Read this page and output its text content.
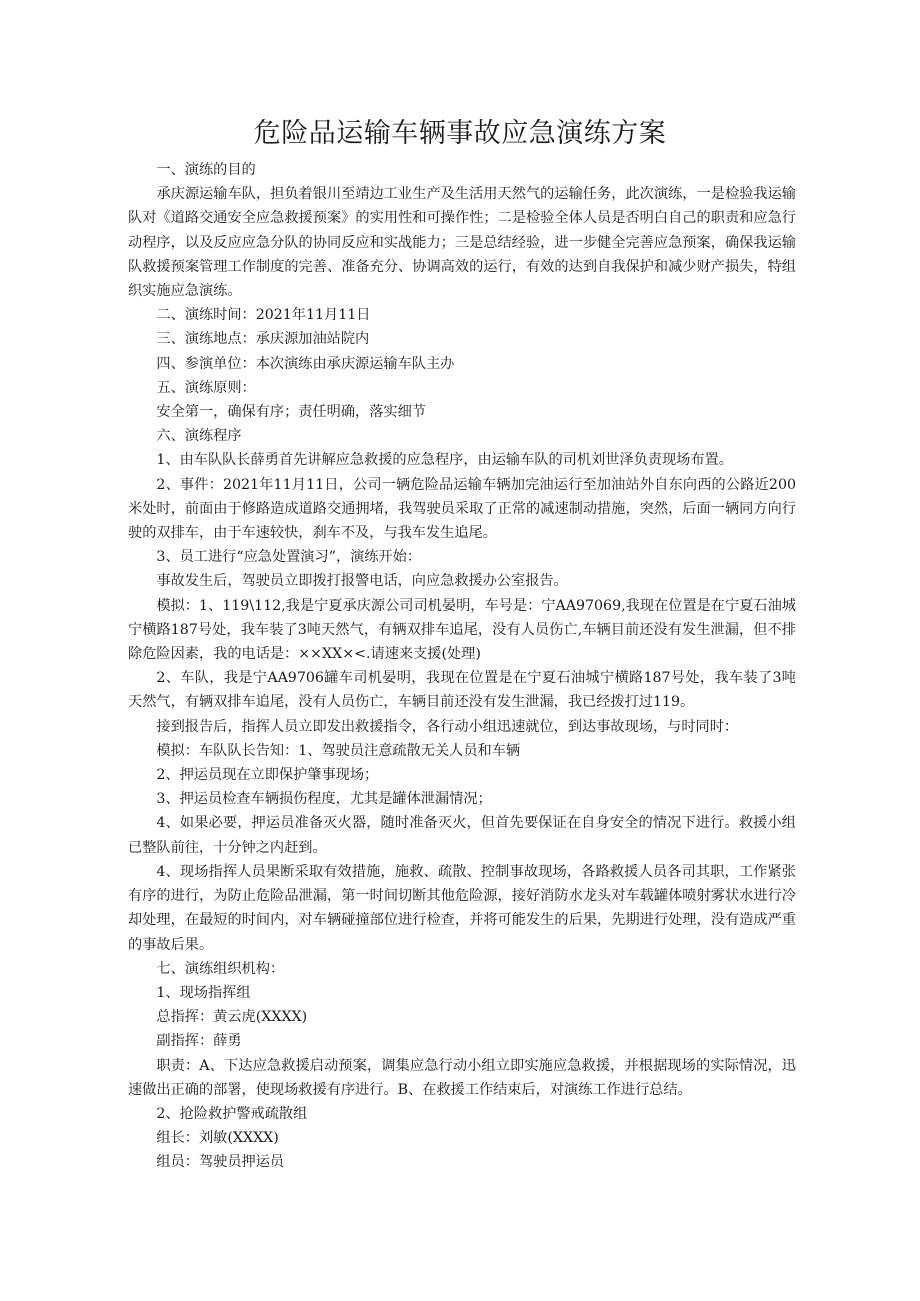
危险品运输车辆事故应急演练方案

一、演练的目的

承庆源运输车队，担负着银川至靖边工业生产及生活用天然气的运输任务，此次演练，一是检验我运输队对《道路交通安全应急救援预案》的实用性和可操作性；二是检验全体人员是否明白自己的职责和应急行动程序，以及反应应急分队的协同反应和实战能力；三是总结经验，进一步健全完善应急预案，确保我运输队救援预案管理工作制度的完善、准备充分、协调高效的运行，有效的达到自我保护和减少财产损失，特组织实施应急演练。

二、演练时间：2021年11月11日

三、演练地点：承庆源加油站院内

四、参演单位：本次演练由承庆源运输车队主办

五、演练原则：

安全第一，确保有序；责任明确，落实细节

六、演练程序

1、由车队队长薛勇首先讲解应急救援的应急程序，由运输车队的司机刘世泽负责现场布置。

2、事件：2021年11月11日，公司一辆危险品运输车辆加完油运行至加油站外自东向西的公路近200米处时，前面由于修路造成道路交通拥堵，我驾驶员采取了正常的减速制动措施，突然，后面一辆同方向行驶的双排车，由于车速较快，刹车不及，与我车发生追尾。

3、员工进行“应急处置演习”，演练开始：

事故发生后，驾驶员立即拨打报警电话，向应急救援办公室报告。

模拟：1、119\112,我是宁夏承庆源公司司机晏明，车号是：宁AA97069,我现在位置是在宁夏石油城宁横路187号处，我车装了3吨天然气，有辆双排车追尾，没有人员伤亡,车辆目前还没有发生泄漏，但不排除危险因素，我的电话是：××XX×<.请速来支援(处理)

2、车队，我是宁AA9706罐车司机晏明，我现在位置是在宁夏石油城宁横路187号处，我车装了3吨天然气，有辆双排车追尾，没有人员伤亡，车辆目前还没有发生泄漏，我已经拨打过119。

接到报告后，指挥人员立即发出救援指令，各行动小组迅速就位，到达事故现场，与时同时：

模拟：车队队长告知：1、驾驶员注意疏散无关人员和车辆

2、押运员现在立即保护肇事现场；

3、押运员检查车辆损伤程度，尤其是罐体泄漏情况；

4、如果必要，押运员准备灭火器，随时准备灭火，但首先要保证在自身安全的情况下进行。救援小组已整队前往，十分钟之内赶到。

4、现场指挥人员果断采取有效措施，施救、疏散、控制事故现场，各路救援人员各司其职，工作紧张有序的进行，为防止危险品泄漏，第一时间切断其他危险源，接好消防水龙头对车载罐体喷射雾状水进行冷却处理，在最短的时间内，对车辆碰撞部位进行检查，并将可能发生的后果，先期进行处理，没有造成严重的事故后果。

七、演练组织机构：

1、现场指挥组

总指挥：黄云虎(XXXX)

副指挥：薛勇

职责：A、下达应急救援启动预案，调集应急行动小组立即实施应急救援，并根据现场的实际情况，迅速做出正确的部署，使现场救援有序进行。B、在救援工作结束后，对演练工作进行总结。

2、抢险救护警戒疏散组

组长：刘敏(XXXX)

组员：驾驶员押运员
